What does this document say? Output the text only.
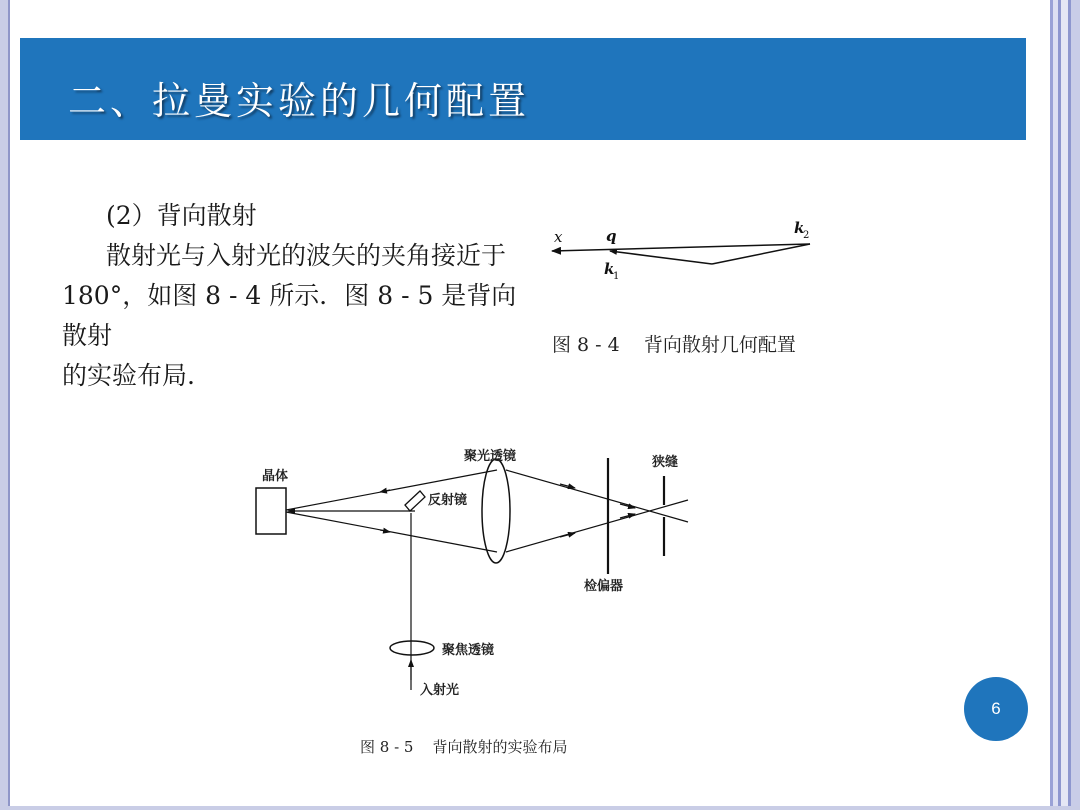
二、拉曼实验的几何配置

(2）背向散射

散射光与入射光的波矢的夹角接近于

180°，如图 8 - 4 所示．图 8 - 5 是背向散射

的实验布局.

x	q	k
2
k
1
晶体
反射镜
聚光透镜	狭缝
检偏器
聚焦透镜
入射光
图 8 - 4    背向散射几何配置
图 8 - 5    背向散射的实验布局
6
